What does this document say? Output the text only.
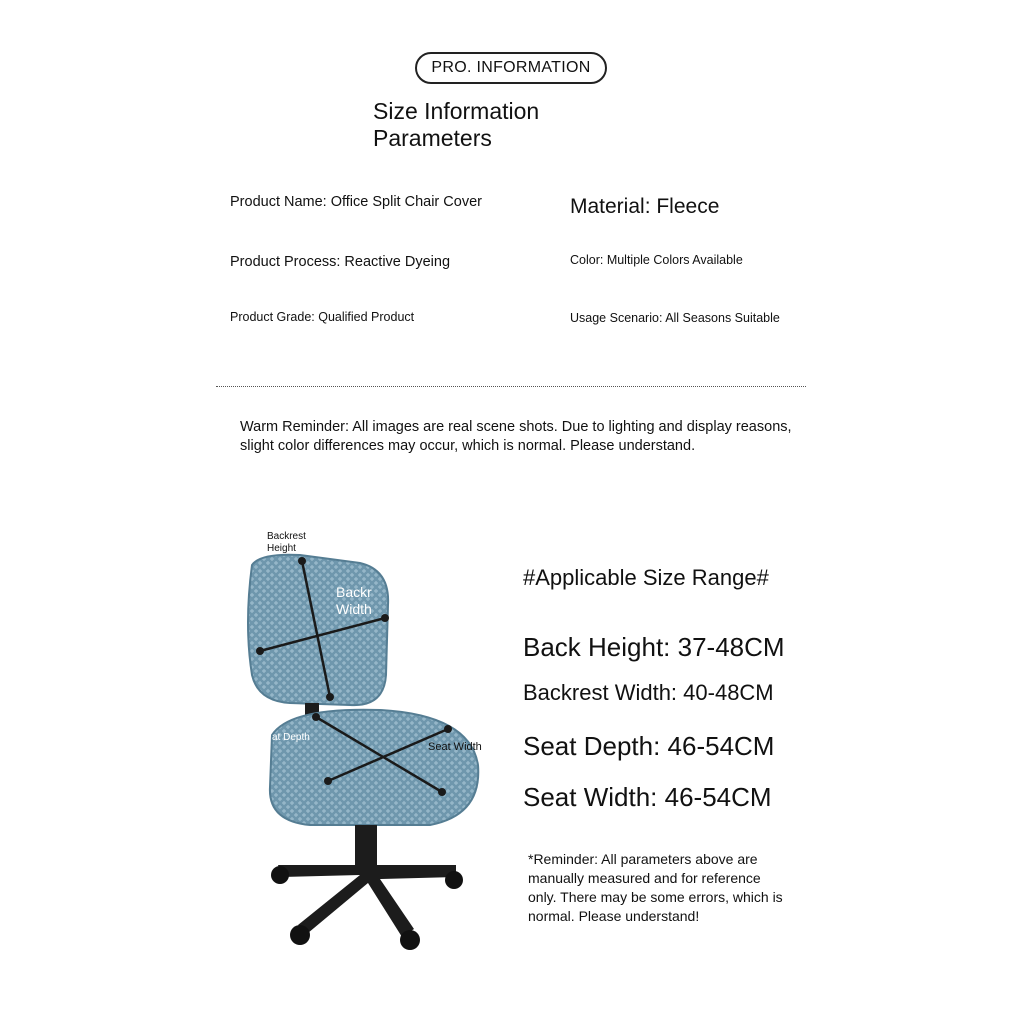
PRO. INFORMATION
Size Information
Parameters
Product Name: Office Split Chair Cover	Material: Fleece
Product Process: Reactive Dyeing	Color: Multiple Colors Available
Product Grade: Qualified Product	Usage Scenario: All Seasons Suitable
Warm Reminder: All images are real scene shots. Due to lighting and display reasons, slight color differences may occur, which is normal. Please understand.
Backrest
Height
Backr
Width
at Depth
Seat Width
#Applicable Size Range#
Back Height: 37-48CM
Backrest Width: 40-48CM
Seat Depth: 46-54CM
Seat Width: 46-54CM
*Reminder: All parameters above are manually measured and for reference only. There may be some errors, which is normal. Please understand!
